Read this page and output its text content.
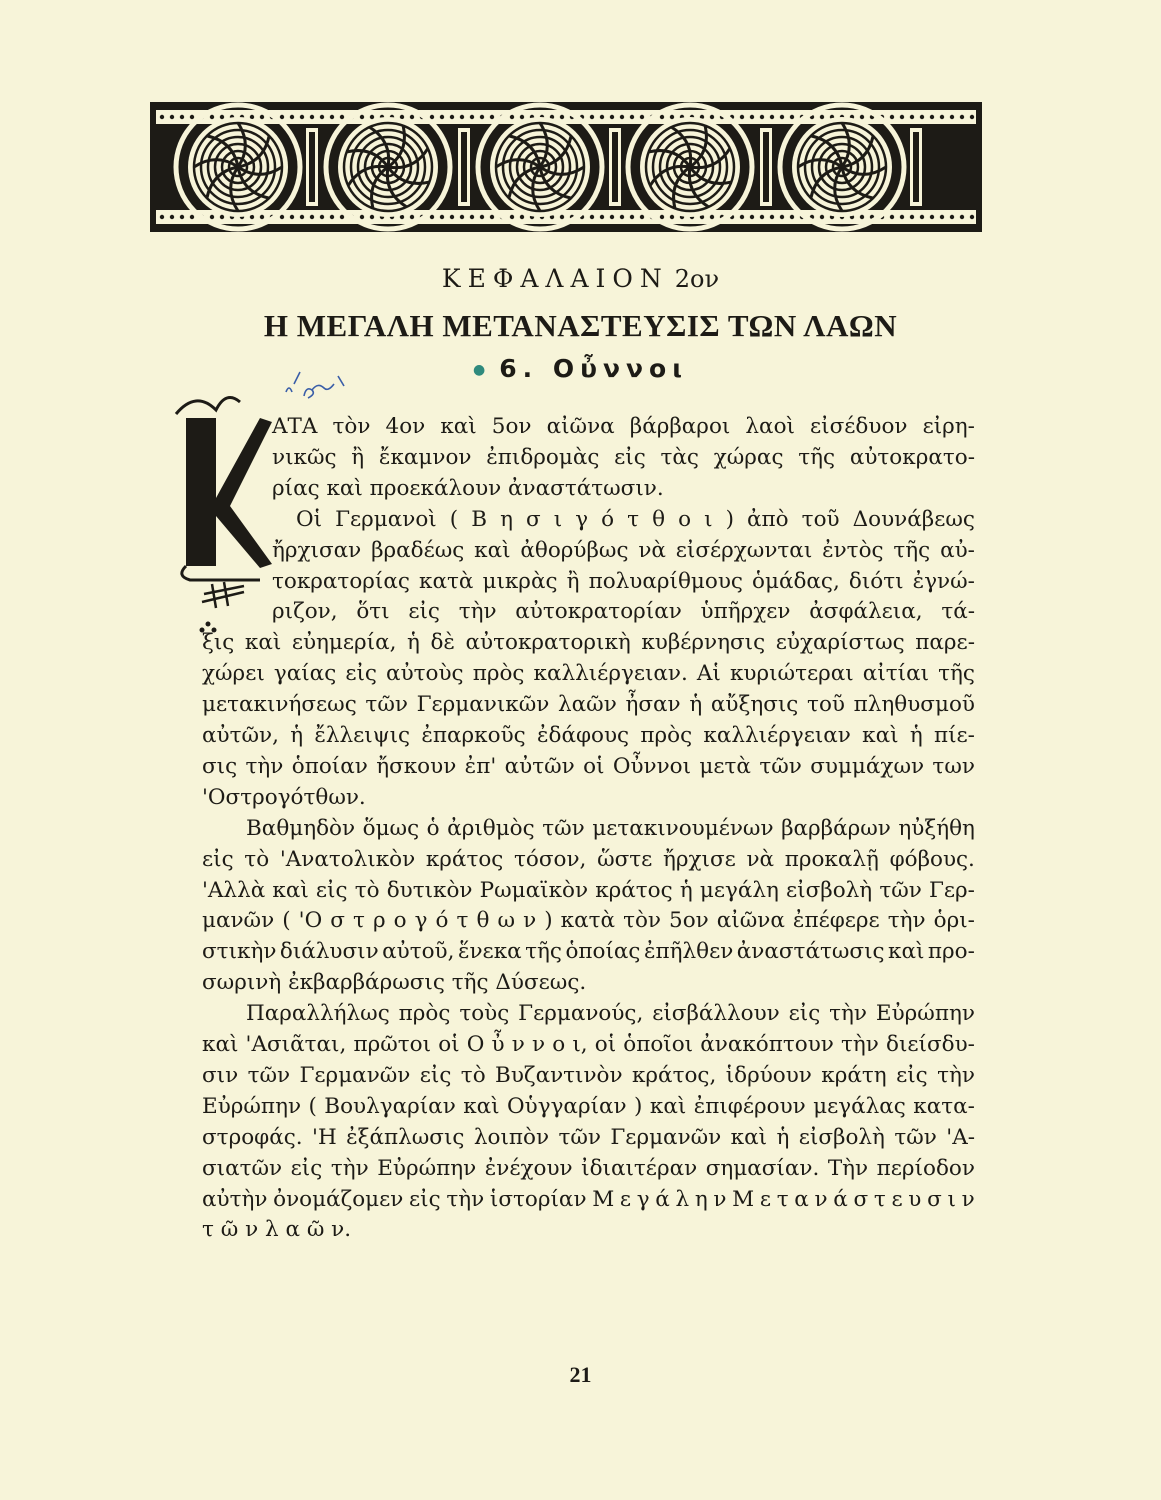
ΚΕΦΑΛΑΙΟΝ 2ον
Η ΜΕΓΑΛΗ ΜΕΤΑΝΑΣΤΕΥΣΙΣ ΤΩΝ ΛΑΩΝ
● 6. Οὖννοι
ΑΤΑ τὸν 4ον καὶ 5ον αἰῶνα βάρβαροι λαοὶ εἰσέδυον εἰρη-
νικῶς ἢ ἔκαμνον ἐπιδρομὰς εἰς τὰς χώρας τῆς αὐτοκρατο-
ρίας καὶ προεκάλουν ἀναστάτωσιν.
Οἱ Γερμανοὶ ( Β η σ ι γ ό τ θ ο ι ) ἀπὸ τοῦ Δουνάβεως
ἤρχισαν βραδέως καὶ ἀθορύβως νὰ εἰσέρχωνται ἐντὸς τῆς αὐ-
τοκρατορίας κατὰ μικρὰς ἢ πολυαρίθμους ὁμάδας, διότι ἐγνώ-
ριζον, ὅτι εἰς τὴν αὐτοκρατορίαν ὑπῆρχεν ἀσφάλεια, τά-
ξις καὶ εὐημερία, ἡ δὲ αὐτοκρατορικὴ κυβέρνησις εὐχαρίστως παρε-
χώρει γαίας εἰς αὐτοὺς πρὸς καλλιέργειαν. Αἱ κυριώτεραι αἰτίαι τῆς
μετακινήσεως τῶν Γερμανικῶν λαῶν ἦσαν ἡ αὔξησις τοῦ πληθυσμοῦ
αὐτῶν, ἡ ἔλλειψις ἐπαρκοῦς ἐδάφους πρὸς καλλιέργειαν καὶ ἡ πίε-
σις τὴν ὁποίαν ἤσκουν ἐπ' αὐτῶν οἱ Οὖννοι μετὰ τῶν συμμάχων των
'Οστρογότθων.
Βαθμηδὸν ὅμως ὁ ἀριθμὸς τῶν μετακινουμένων βαρβάρων ηὐξήθη
εἰς τὸ 'Ανατολικὸν κράτος τόσον, ὥστε ἤρχισε νὰ προκαλῇ φόβους.
'Αλλὰ καὶ εἰς τὸ δυτικὸν Ρωμαϊκὸν κράτος ἡ μεγάλη εἰσβολὴ τῶν Γερ-
μανῶν ( 'Ο σ τ ρ ο γ ό τ θ ω ν ) κατὰ τὸν 5ον αἰῶνα ἐπέφερε τὴν ὁρι-
στικὴν διάλυσιν αὐτοῦ, ἕνεκα τῆς ὁποίας ἐπῆλθεν ἀναστάτωσις καὶ προ-
σωρινὴ ἐκβαρβάρωσις τῆς Δύσεως.
Παραλλήλως πρὸς τοὺς Γερμανούς, εἰσβάλλουν εἰς τὴν Εὐρώπην
καὶ 'Ασιᾶται, πρῶτοι οἱ Ο ὖ ν ν ο ι, οἱ ὁποῖοι ἀνακόπτουν τὴν διείσδυ-
σιν τῶν Γερμανῶν εἰς τὸ Βυζαντινὸν κράτος, ἱδρύουν κράτη εἰς τὴν
Εὐρώπην ( Βουλγαρίαν καὶ Οὑγγαρίαν ) καὶ ἐπιφέρουν μεγάλας κατα-
στροφάς. 'Η ἐξάπλωσις λοιπὸν τῶν Γερμανῶν καὶ ἡ εἰσβολὴ τῶν 'Α-
σιατῶν εἰς τὴν Εὐρώπην ἐνέχουν ἰδιαιτέραν σημασίαν. Τὴν περίοδον
αὐτὴν ὀνομάζομεν εἰς τὴν ἱστορίαν Μ ε γ ά λ η ν Μ ε τ α ν ά σ τ ε υ σ ι ν
τ ῶ ν λ α ῶ ν.
21
